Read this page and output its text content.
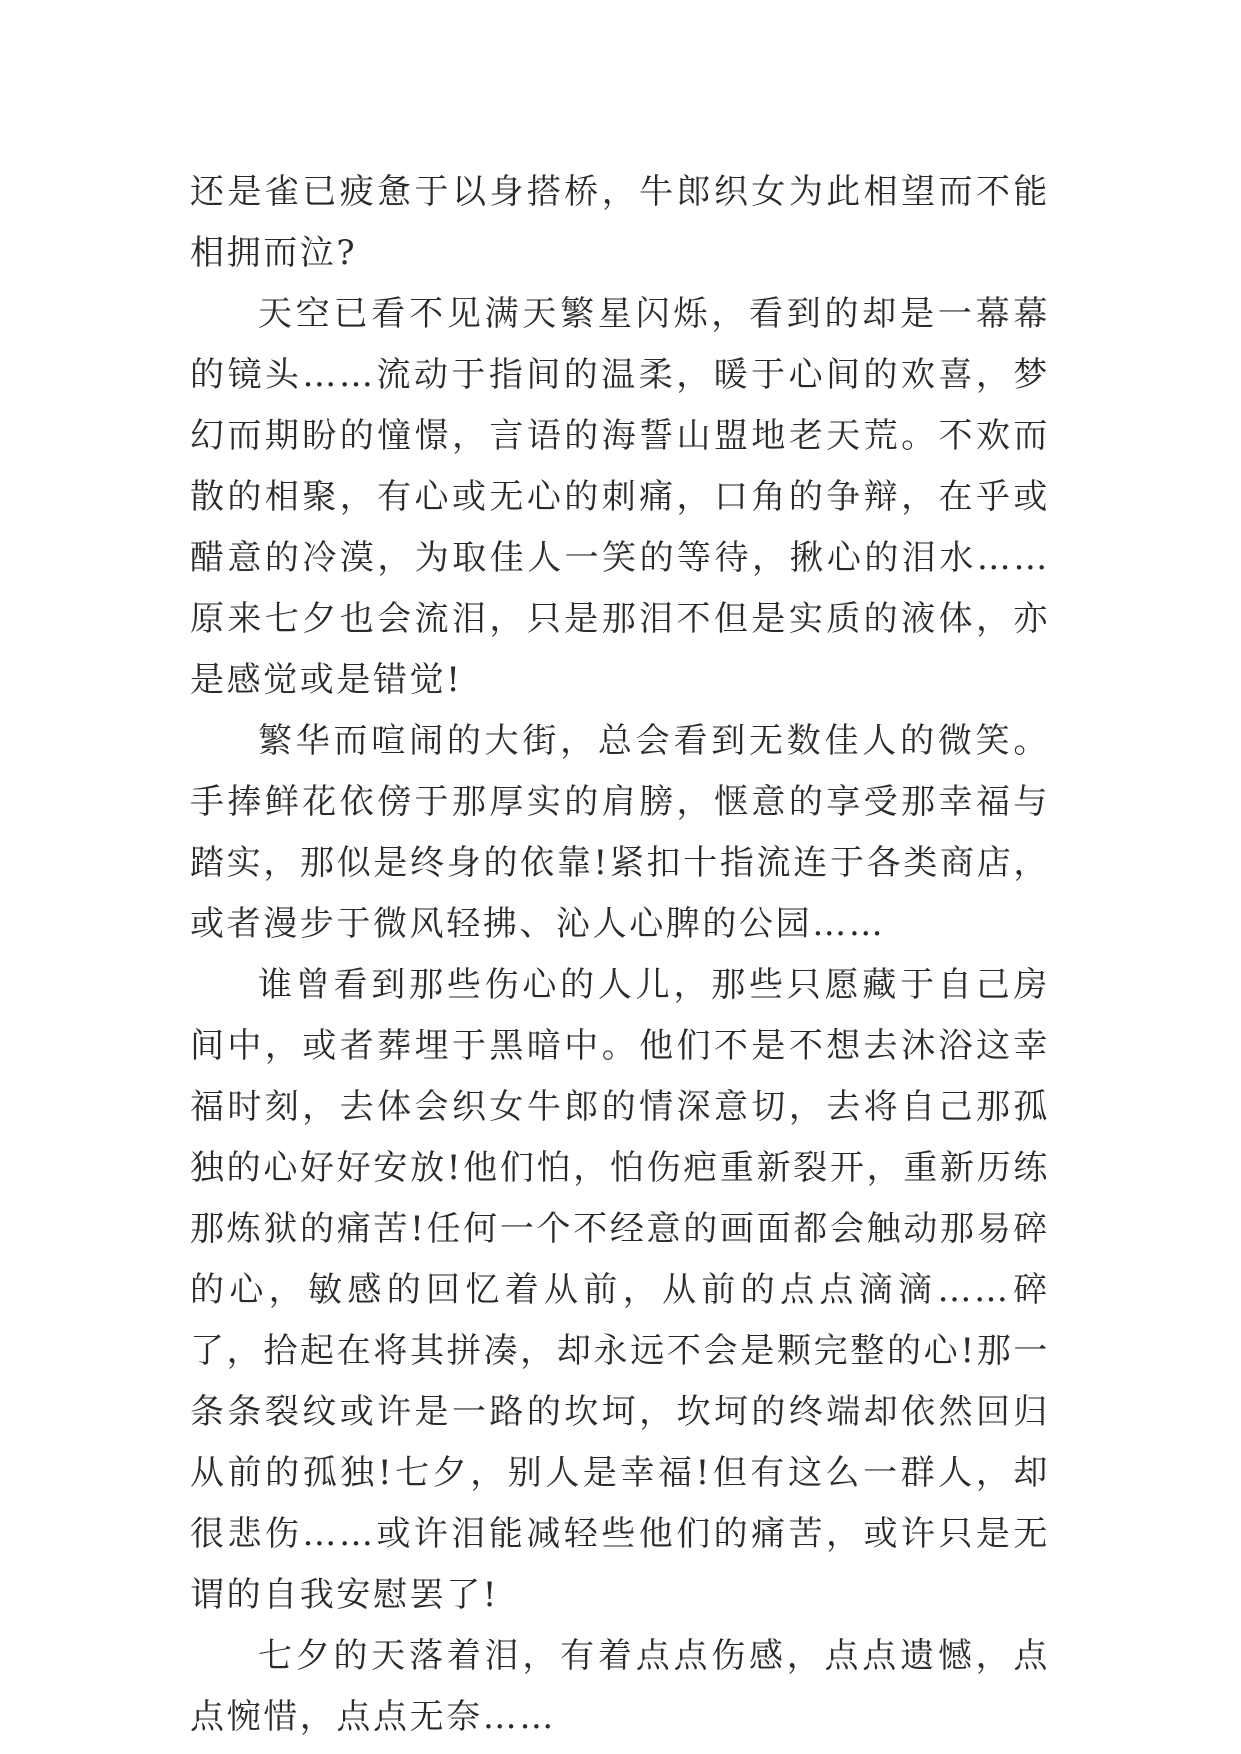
还是雀已疲惫于以身搭桥，牛郎织女为此相望而不能相拥而泣?

天空已看不见满天繁星闪烁，看到的却是一幕幕的镜头……流动于指间的温柔，暖于心间的欢喜，梦幻而期盼的憧憬，言语的海誓山盟地老天荒。不欢而散的相聚，有心或无心的刺痛，口角的争辩，在乎或醋意的冷漠，为取佳人一笑的等待，揪心的泪水……原来七夕也会流泪，只是那泪不但是实质的液体，亦是感觉或是错觉!

繁华而喧闹的大街，总会看到无数佳人的微笑。手捧鲜花依傍于那厚实的肩膀，惬意的享受那幸福与踏实，那似是终身的依靠!紧扣十指流连于各类商店，或者漫步于微风轻拂、沁人心脾的公园……

谁曾看到那些伤心的人儿，那些只愿藏于自己房间中，或者葬埋于黑暗中。他们不是不想去沐浴这幸福时刻，去体会织女牛郎的情深意切，去将自己那孤独的心好好安放!他们怕，怕伤疤重新裂开，重新历练那炼狱的痛苦!任何一个不经意的画面都会触动那易碎的心，敏感的回忆着从前，从前的点点滴滴……碎了，拾起在将其拼凑，却永远不会是颗完整的心!那一条条裂纹或许是一路的坎坷，坎坷的终端却依然回归从前的孤独!七夕，别人是幸福!但有这么一群人，却很悲伤……或许泪能减轻些他们的痛苦，或许只是无谓的自我安慰罢了!

七夕的天落着泪，有着点点伤感，点点遗憾，点点惋惜，点点无奈……
